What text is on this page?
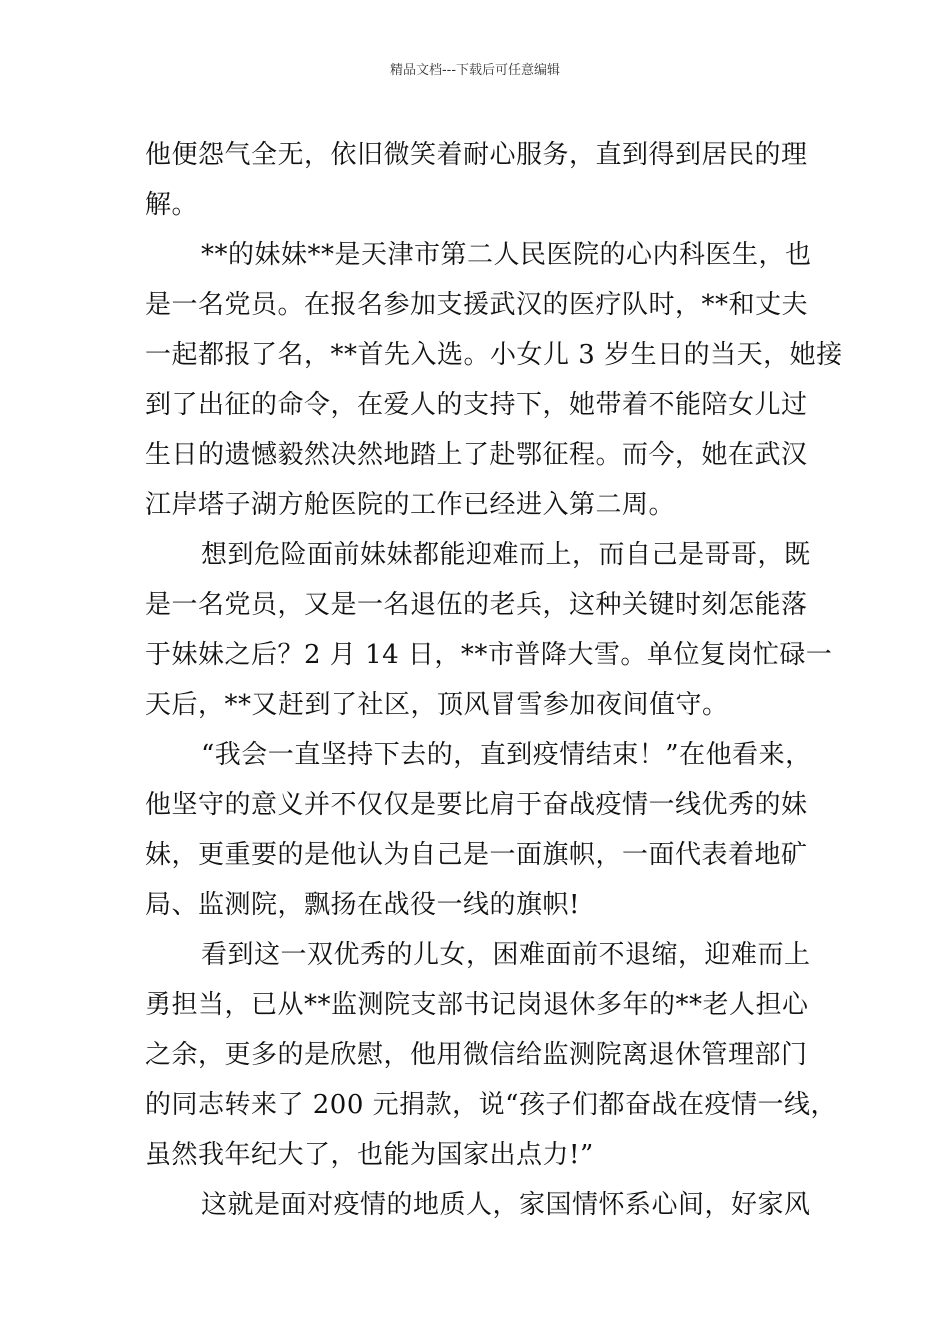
精品文档---下载后可任意编辑
他便怨气全无，依旧微笑着耐心服务，直到得到居民的理
解。
**的妹妹**是天津市第二人民医院的心内科医生，也
是一名党员。在报名参加支援武汉的医疗队时，**和丈夫
一起都报了名，**首先入选。小女儿 3 岁生日的当天，她接
到了出征的命令，在爱人的支持下，她带着不能陪女儿过
生日的遗憾毅然决然地踏上了赴鄂征程。而今，她在武汉
江岸塔子湖方舱医院的工作已经进入第二周。
想到危险面前妹妹都能迎难而上，而自己是哥哥，既
是一名党员，又是一名退伍的老兵，这种关键时刻怎能落
于妹妹之后？2 月 14 日，**市普降大雪。单位复岗忙碌一
天后，**又赶到了社区，顶风冒雪参加夜间值守。
“我会一直坚持下去的，直到疫情结束！”在他看来，
他坚守的意义并不仅仅是要比肩于奋战疫情一线优秀的妹
妹，更重要的是他认为自己是一面旗帜，一面代表着地矿
局、监测院，飘扬在战役一线的旗帜!
看到这一双优秀的儿女，困难面前不退缩，迎难而上
勇担当，已从**监测院支部书记岗退休多年的**老人担心
之余，更多的是欣慰，他用微信给监测院离退休管理部门
的同志转来了 200 元捐款，说“孩子们都奋战在疫情一线，
虽然我年纪大了，也能为国家出点力!”
这就是面对疫情的地质人，家国情怀系心间，好家风
